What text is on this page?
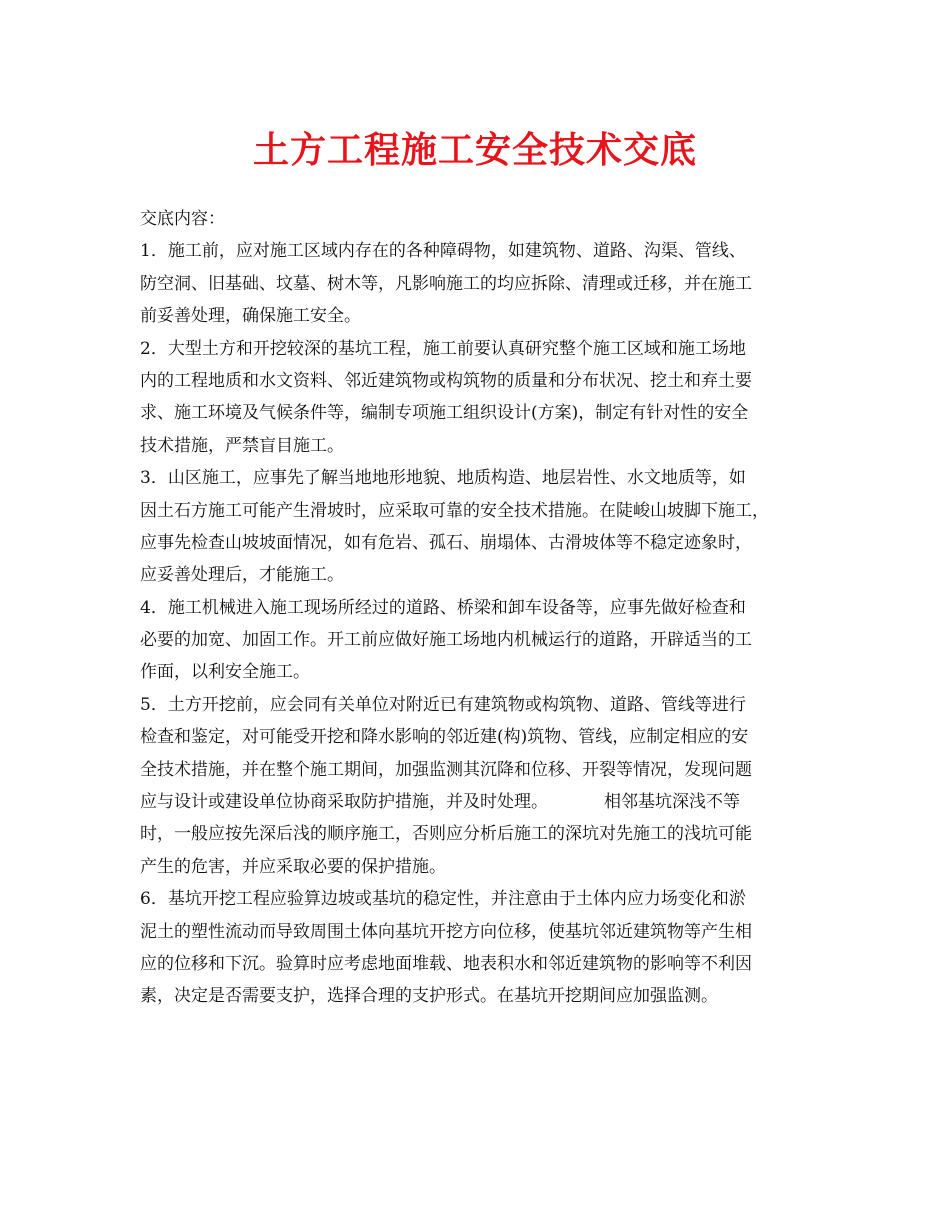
土方工程施工安全技术交底
交底内容：
1．施工前，应对施工区域内存在的各种障碍物，如建筑物、道路、沟渠、管线、
防空洞、旧基础、坟墓、树木等，凡影响施工的均应拆除、清理或迁移，并在施工
前妥善处理，确保施工安全。
2．大型土方和开挖较深的基坑工程，施工前要认真研究整个施工区域和施工场地
内的工程地质和水文资料、邻近建筑物或构筑物的质量和分布状况、挖土和弃土要
求、施工环境及气候条件等，编制专项施工组织设计(方案)，制定有针对性的安全
技术措施，严禁盲目施工。
3．山区施工，应事先了解当地地形地貌、地质构造、地层岩性、水文地质等，如
因土石方施工可能产生滑坡时，应采取可靠的安全技术措施。在陡峻山坡脚下施工，
应事先检查山坡坡面情况，如有危岩、孤石、崩塌体、古滑坡体等不稳定迹象时，
应妥善处理后，才能施工。
4．施工机械进入施工现场所经过的道路、桥梁和卸车设备等，应事先做好检查和
必要的加宽、加固工作。开工前应做好施工场地内机械运行的道路，开辟适当的工
作面，以利安全施工。
5．土方开挖前，应会同有关单位对附近已有建筑物或构筑物、道路、管线等进行
检查和鉴定，对可能受开挖和降水影响的邻近建(构)筑物、管线，应制定相应的安
全技术措施，并在整个施工期间，加强监测其沉降和位移、开裂等情况，发现问题
应与设计或建设单位协商采取防护措施，并及时处理。	相邻基坑深浅不等
时，一般应按先深后浅的顺序施工，否则应分析后施工的深坑对先施工的浅坑可能
产生的危害，并应采取必要的保护措施。
6．基坑开挖工程应验算边坡或基坑的稳定性，并注意由于土体内应力场变化和淤
泥土的塑性流动而导致周围土体向基坑开挖方向位移，使基坑邻近建筑物等产生相
应的位移和下沉。验算时应考虑地面堆载、地表积水和邻近建筑物的影响等不利因
素，决定是否需要支护，选择合理的支护形式。在基坑开挖期间应加强监测。
